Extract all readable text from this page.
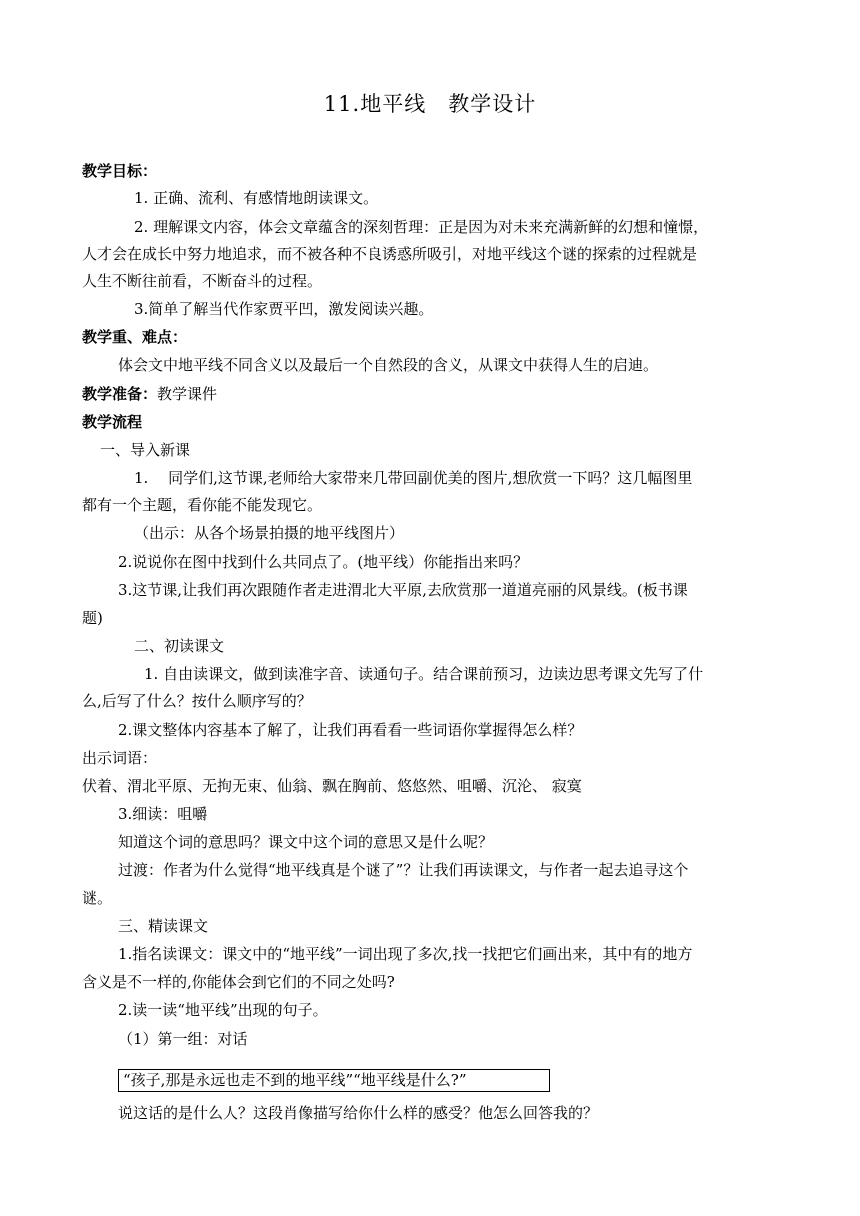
11.地平线　教学设计
教学目标：
1. 正确、流利、有感情地朗读课文。
2. 理解课文内容，体会文章蕴含的深刻哲理：正是因为对未来充满新鲜的幻想和憧憬，
人才会在成长中努力地追求，而不被各种不良诱惑所吸引，对地平线这个谜的探索的过程就是
人生不断往前看，不断奋斗的过程。
3.简单了解当代作家贾平凹，激发阅读兴趣。
教学重、难点：
体会文中地平线不同含义以及最后一个自然段的含义，从课文中获得人生的启迪。
教学准备：教学课件
教学流程
一、导入新课
1.　 同学们,这节课,老师给大家带来几带回副优美的图片,想欣赏一下吗？这几幅图里
都有一个主题，看你能不能发现它。
（出示：从各个场景拍摄的地平线图片）
2.说说你在图中找到什么共同点了。(地平线）你能指出来吗？
3.这节课,让我们再次跟随作者走进渭北大平原,去欣赏那一道道亮丽的风景线。(板书课
题)
二、初读课文
1. 自由读课文，做到读准字音、读通句子。结合课前预习，边读边思考课文先写了什
么,后写了什么？按什么顺序写的？
2.课文整体内容基本了解了，让我们再看看一些词语你掌握得怎么样？
出示词语：
伏着、渭北平原、无拘无束、仙翁、飘在胸前、悠悠然、咀嚼、沉沦、 寂寞
3.细读：咀嚼
知道这个词的意思吗？课文中这个词的意思又是什么呢？
过渡：作者为什么觉得“地平线真是个谜了”？让我们再读课文，与作者一起去追寻这个
谜。
三、精读课文
1.指名读课文：课文中的“地平线”一词出现了多次,找一找把它们画出来，其中有的地方
含义是不一样的,你能体会到它们的不同之处吗?
2.读一读“地平线”出现的句子。
（1）第一组：对话
“孩子,那是永远也走不到的地平线”“地平线是什么?”
说这话的是什么人？这段肖像描写给你什么样的感受？他怎么回答我的？
